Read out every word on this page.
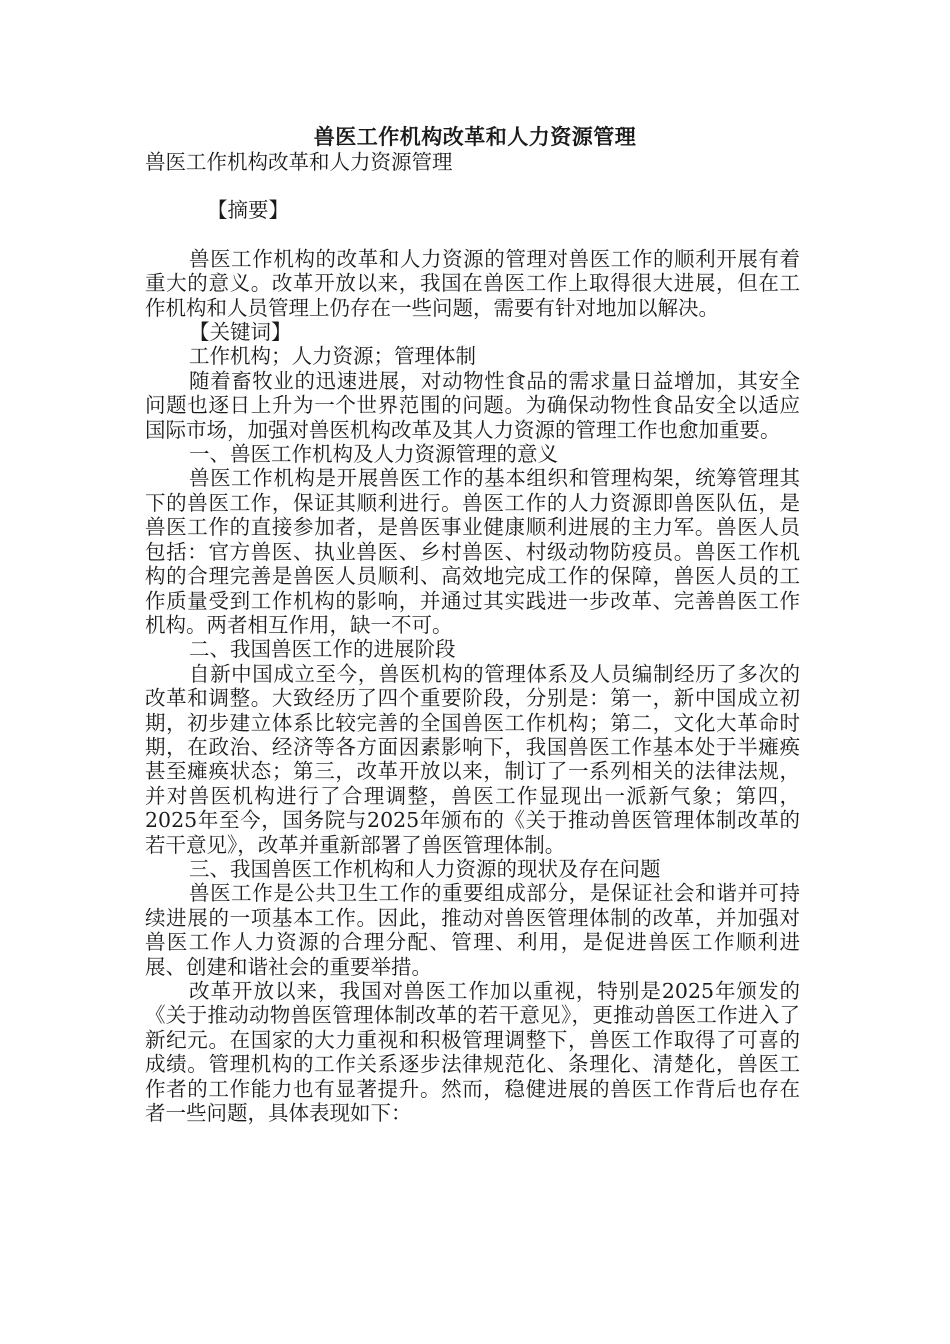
兽医工作机构改革和人力资源管理

兽医工作机构改革和人力资源管理

【摘要】

兽医工作机构的改革和人力资源的管理对兽医工作的顺利开展有着重大的意义。改革开放以来，我国在兽医工作上取得很大进展，但在工作机构和人员管理上仍存在一些问题，需要有针对地加以解决。

【关键词】

工作机构；人力资源；管理体制

随着畜牧业的迅速进展，对动物性食品的需求量日益增加，其安全问题也逐日上升为一个世界范围的问题。为确保动物性食品安全以适应国际市场，加强对兽医机构改革及其人力资源的管理工作也愈加重要。

一、兽医工作机构及人力资源管理的意义

兽医工作机构是开展兽医工作的基本组织和管理构架，统筹管理其下的兽医工作，保证其顺利进行。兽医工作的人力资源即兽医队伍，是兽医工作的直接参加者，是兽医事业健康顺利进展的主力军。兽医人员包括：官方兽医、执业兽医、乡村兽医、村级动物防疫员。兽医工作机构的合理完善是兽医人员顺利、高效地完成工作的保障，兽医人员的工作质量受到工作机构的影响，并通过其实践进一步改革、完善兽医工作机构。两者相互作用，缺一不可。

二、我国兽医工作的进展阶段

自新中国成立至今，兽医机构的管理体系及人员编制经历了多次的改革和调整。大致经历了四个重要阶段，分别是：第一，新中国成立初期，初步建立体系比较完善的全国兽医工作机构；第二，文化大革命时期，在政治、经济等各方面因素影响下，我国兽医工作基本处于半瘫痪甚至瘫痪状态；第三，改革开放以来，制订了一系列相关的法律法规，并对兽医机构进行了合理调整，兽医工作显现出一派新气象；第四，2025年至今，国务院与2025年颁布的《关于推动兽医管理体制改革的若干意见》，改革并重新部署了兽医管理体制。

三、我国兽医工作机构和人力资源的现状及存在问题

兽医工作是公共卫生工作的重要组成部分，是保证社会和谐并可持续进展的一项基本工作。因此，推动对兽医管理体制的改革，并加强对兽医工作人力资源的合理分配、管理、利用，是促进兽医工作顺利进展、创建和谐社会的重要举措。

改革开放以来，我国对兽医工作加以重视，特别是2025年颁发的《关于推动动物兽医管理体制改革的若干意见》，更推动兽医工作进入了新纪元。在国家的大力重视和积极管理调整下，兽医工作取得了可喜的成绩。管理机构的工作关系逐步法律规范化、条理化、清楚化，兽医工作者的工作能力也有显著提升。然而，稳健进展的兽医工作背后也存在者一些问题，具体表现如下：
